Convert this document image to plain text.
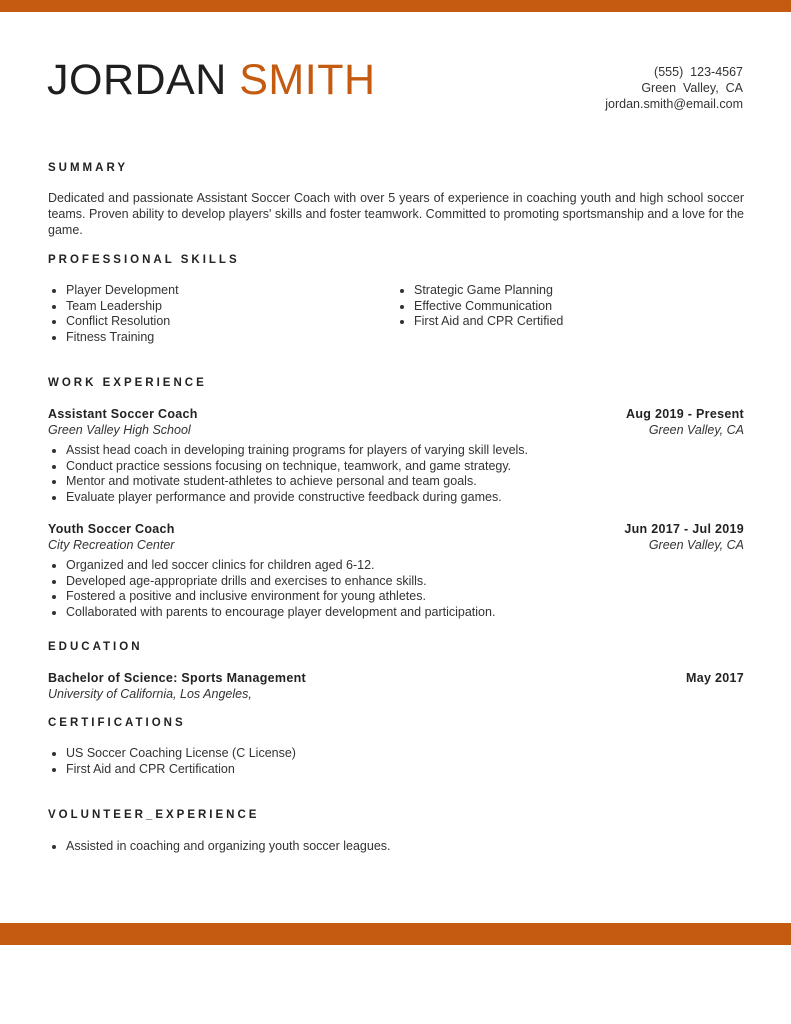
JORDAN SMITH	(555)  123-4567
Green  Valley,  CA
jordan.smith@email.com
SUMMARY
Dedicated and passionate Assistant Soccer Coach with over 5 years of experience in coaching youth and high school soccer teams. Proven ability to develop players' skills and foster teamwork. Committed to promoting sportsmanship and a love for the game.
PROFESSIONAL SKILLS
• Player Development
• Team Leadership
• Conflict Resolution
• Fitness Training
• Strategic Game Planning
• Effective Communication
• First Aid and CPR Certified
WORK EXPERIENCE
Assistant Soccer Coach	Aug 2019 - Present
Green Valley High School	Green Valley, CA
• Assist head coach in developing training programs for players of varying skill levels.
• Conduct practice sessions focusing on technique, teamwork, and game strategy.
• Mentor and motivate student-athletes to achieve personal and team goals.
• Evaluate player performance and provide constructive feedback during games.
Youth Soccer Coach	Jun 2017 - Jul 2019
City Recreation Center	Green Valley, CA
• Organized and led soccer clinics for children aged 6-12.
• Developed age-appropriate drills and exercises to enhance skills.
• Fostered a positive and inclusive environment for young athletes.
• Collaborated with parents to encourage player development and participation.
EDUCATION
Bachelor of Science: Sports Management	May 2017
University of California, Los Angeles,
CERTIFICATIONS
• US Soccer Coaching License (C License)
• First Aid and CPR Certification
VOLUNTEER_EXPERIENCE
• Assisted in coaching and organizing youth soccer leagues.
